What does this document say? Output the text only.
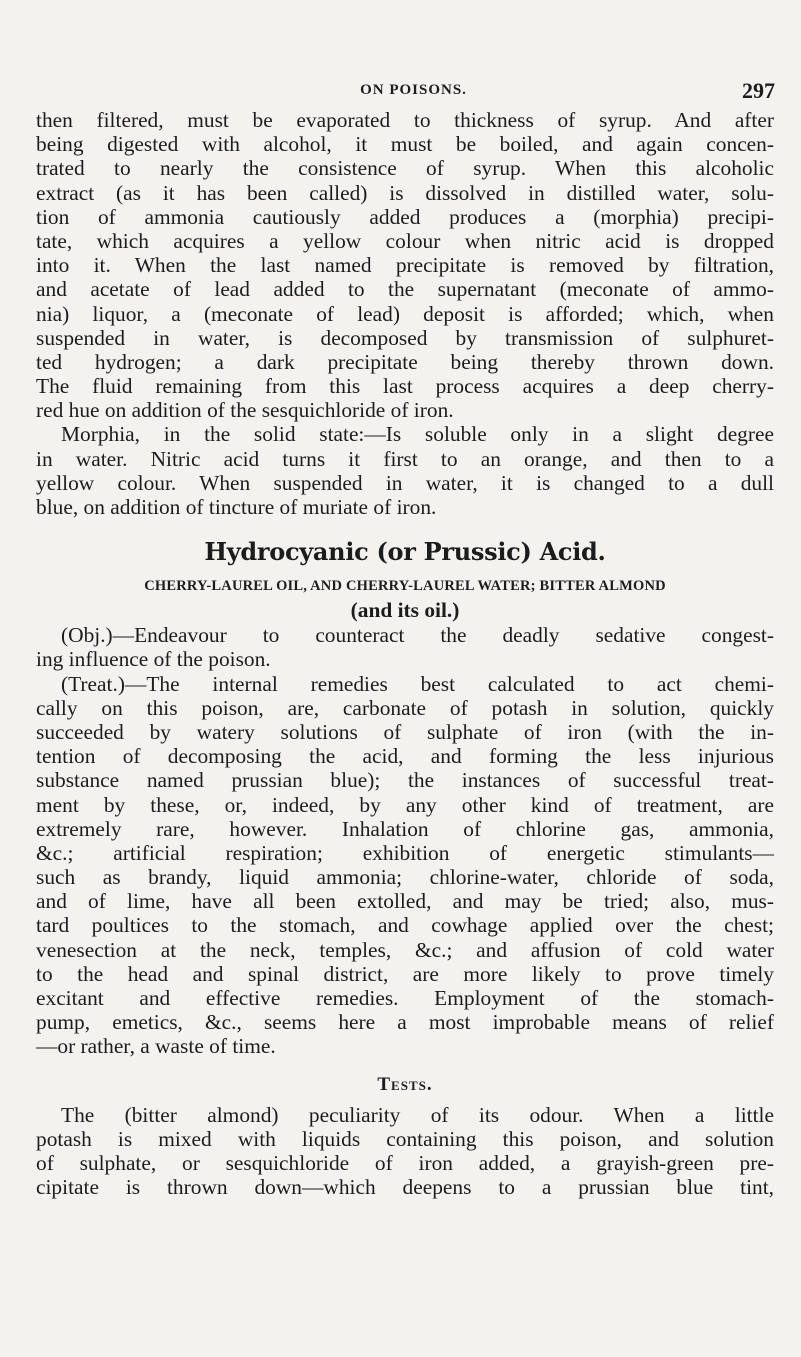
ON POISONS.	297
then filtered, must be evaporated to thickness of syrup. And after
being digested with alcohol, it must be boiled, and again concen-
trated to nearly the consistence of syrup. When this alcoholic
extract (as it has been called) is dissolved in distilled water, solu-
tion of ammonia cautiously added produces a (morphia) precipi-
tate, which acquires a yellow colour when nitric acid is dropped
into it. When the last named precipitate is removed by filtration,
and acetate of lead added to the supernatant (meconate of ammo-
nia) liquor, a (meconate of lead) deposit is afforded; which, when
suspended in water, is decomposed by transmission of sulphuret-
ted hydrogen; a dark precipitate being thereby thrown down.
The fluid remaining from this last process acquires a deep cherry-
red hue on addition of the sesquichloride of iron.
Morphia, in the solid state:—Is soluble only in a slight degree
in water. Nitric acid turns it first to an orange, and then to a
yellow colour. When suspended in water, it is changed to a dull
blue, on addition of tincture of muriate of iron.
Hydrocyanic (or Prussic) Acid.
CHERRY-LAUREL OIL, AND CHERRY-LAUREL WATER; BITTER ALMOND
(and its oil.)
(Obj.)—Endeavour to counteract the deadly sedative congest-
ing influence of the poison.
(Treat.)—The internal remedies best calculated to act chemi-
cally on this poison, are, carbonate of potash in solution, quickly
succeeded by watery solutions of sulphate of iron (with the in-
tention of decomposing the acid, and forming the less injurious
substance named prussian blue); the instances of successful treat-
ment by these, or, indeed, by any other kind of treatment, are
extremely rare, however. Inhalation of chlorine gas, ammonia,
&c.; artificial respiration; exhibition of energetic stimulants—
such as brandy, liquid ammonia; chlorine-water, chloride of soda,
and of lime, have all been extolled, and may be tried; also, mus-
tard poultices to the stomach, and cowhage applied over the chest;
venesection at the neck, temples, &c.; and affusion of cold water
to the head and spinal district, are more likely to prove timely
excitant and effective remedies. Employment of the stomach-
pump, emetics, &c., seems here a most improbable means of relief
—or rather, a waste of time.
Tests.
The (bitter almond) peculiarity of its odour. When a little
potash is mixed with liquids containing this poison, and solution
of sulphate, or sesquichloride of iron added, a grayish-green pre-
cipitate is thrown down—which deepens to a prussian blue tint,
